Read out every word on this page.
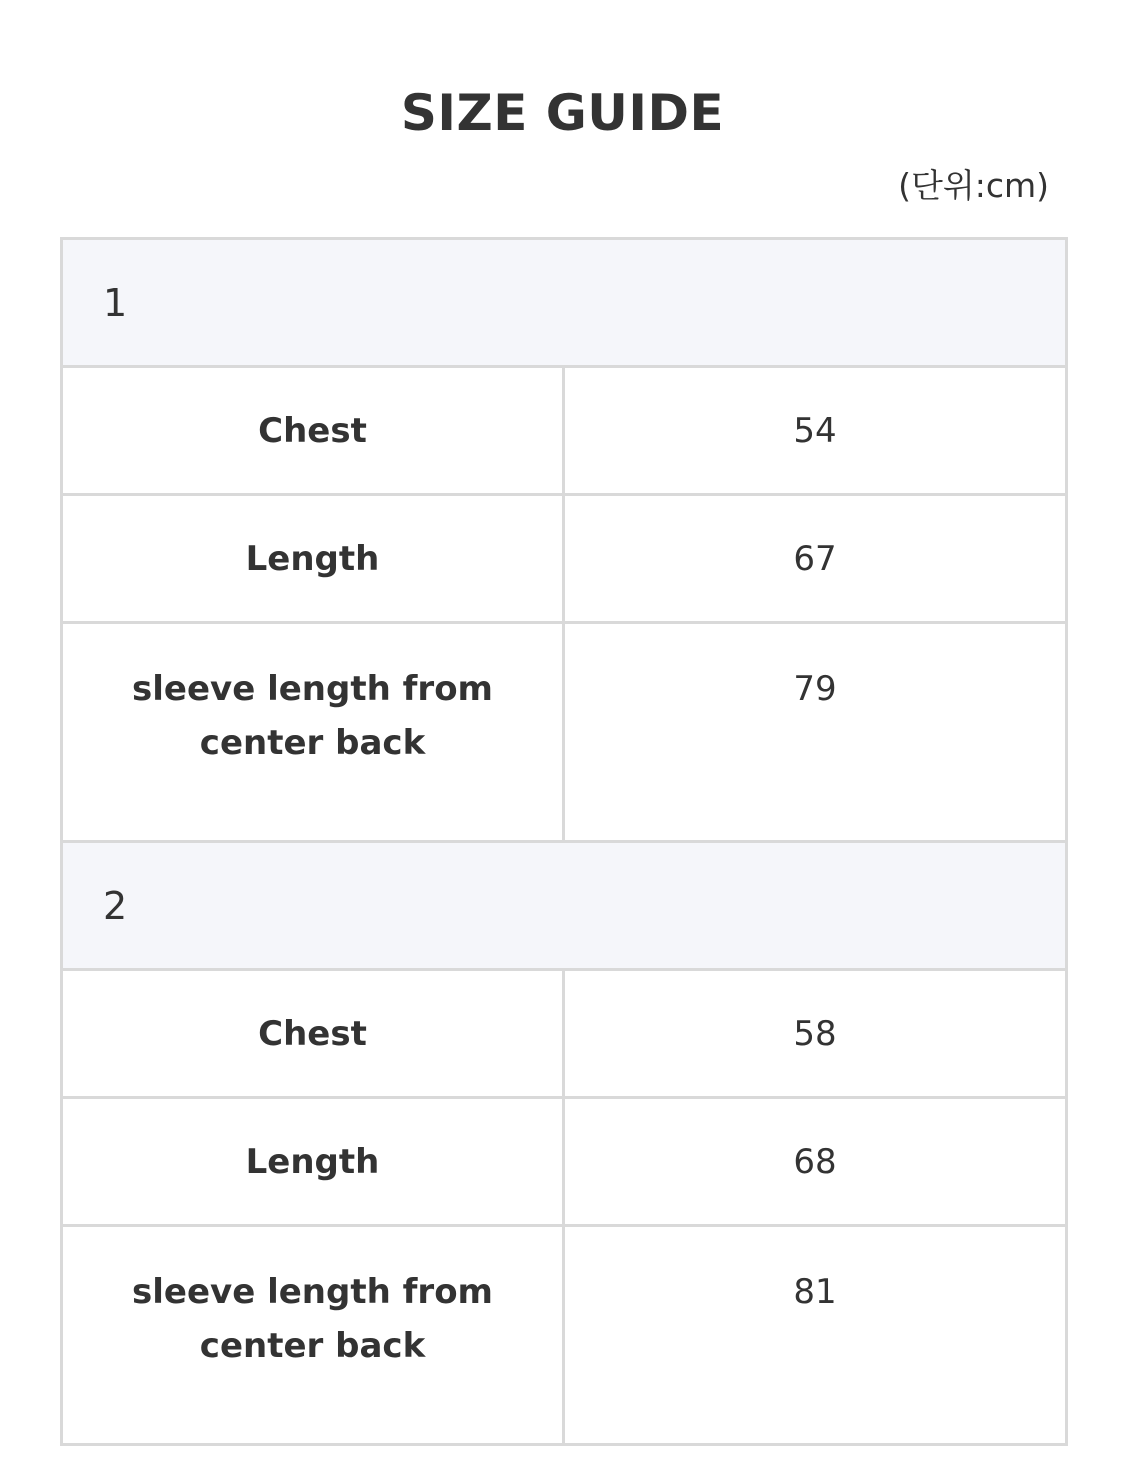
SIZE GUIDE
(단위:cm)
1	
Chest	54
Length	67
sleeve length from center back	79
2	
Chest	58
Length	68
sleeve length from center back	81
